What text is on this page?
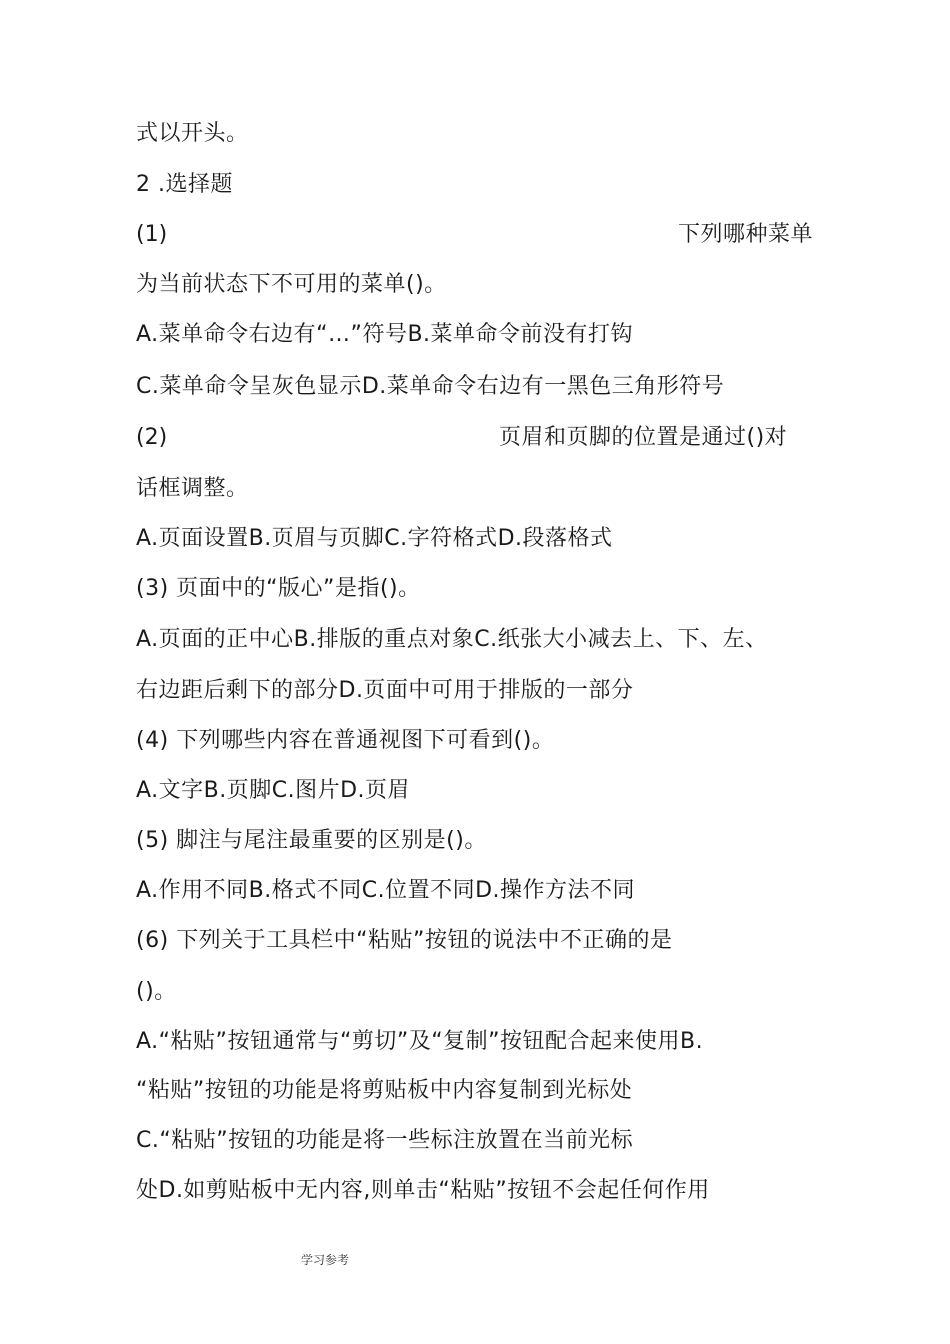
式以开头。
2 .选择题
(1)	下列哪种菜单
为当前状态下不可用的菜单()。
A.菜单命令右边有“…”符号B.菜单命令前没有打钩
C.菜单命令呈灰色显示D.菜单命令右边有一黑色三角形符号
(2)	页眉和页脚的位置是通过()对
话框调整。
A.页面设置B.页眉与页脚C.字符格式D.段落格式
(3) 页面中的“版心”是指()。
A.页面的正中心B.排版的重点对象C.纸张大小减去上、下、左、
右边距后剩下的部分D.页面中可用于排版的一部分
(4) 下列哪些内容在普通视图下可看到()。
A.文字B.页脚C.图片D.页眉
(5) 脚注与尾注最重要的区别是()。
A.作用不同B.格式不同C.位置不同D.操作方法不同
(6) 下列关于工具栏中“粘贴”按钮的说法中不正确的是
()。
A.“粘贴”按钮通常与“剪切”及“复制”按钮配合起来使用B.
“粘贴”按钮的功能是将剪贴板中内容复制到光标处
C.“粘贴”按钮的功能是将一些标注放置在当前光标
处D.如剪贴板中无内容,则单击“粘贴”按钮不会起任何作用
学习参考
